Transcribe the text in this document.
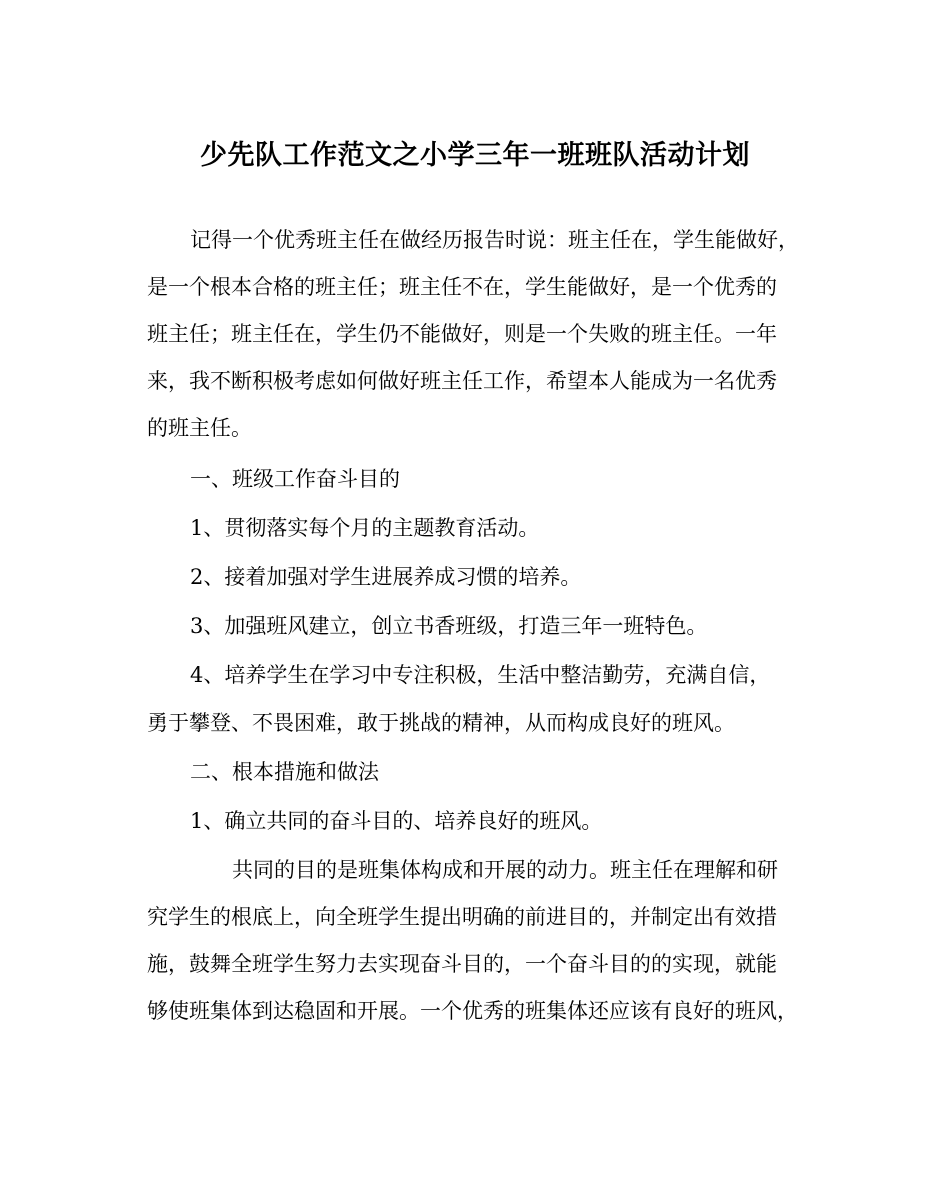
少先队工作范文之小学三年一班班队活动计划
记得一个优秀班主任在做经历报告时说：班主任在，学生能做好，
是一个根本合格的班主任；班主任不在，学生能做好，是一个优秀的
班主任；班主任在，学生仍不能做好，则是一个失败的班主任。一年
来，我不断积极考虑如何做好班主任工作，希望本人能成为一名优秀
的班主任。
一、班级工作奋斗目的
1、贯彻落实每个月的主题教育活动。
2、接着加强对学生进展养成习惯的培养。
3、加强班风建立，创立书香班级，打造三年一班特色。
4、培养学生在学习中专注积极，生活中整洁勤劳，充满自信，
勇于攀登、不畏困难，敢于挑战的精神，从而构成良好的班风。
二、根本措施和做法
1、确立共同的奋斗目的、培养良好的班风。
共同的目的是班集体构成和开展的动力。班主任在理解和研
究学生的根底上，向全班学生提出明确的前进目的，并制定出有效措
施，鼓舞全班学生努力去实现奋斗目的，一个奋斗目的的实现，就能
够使班集体到达稳固和开展。一个优秀的班集体还应该有良好的班风，
